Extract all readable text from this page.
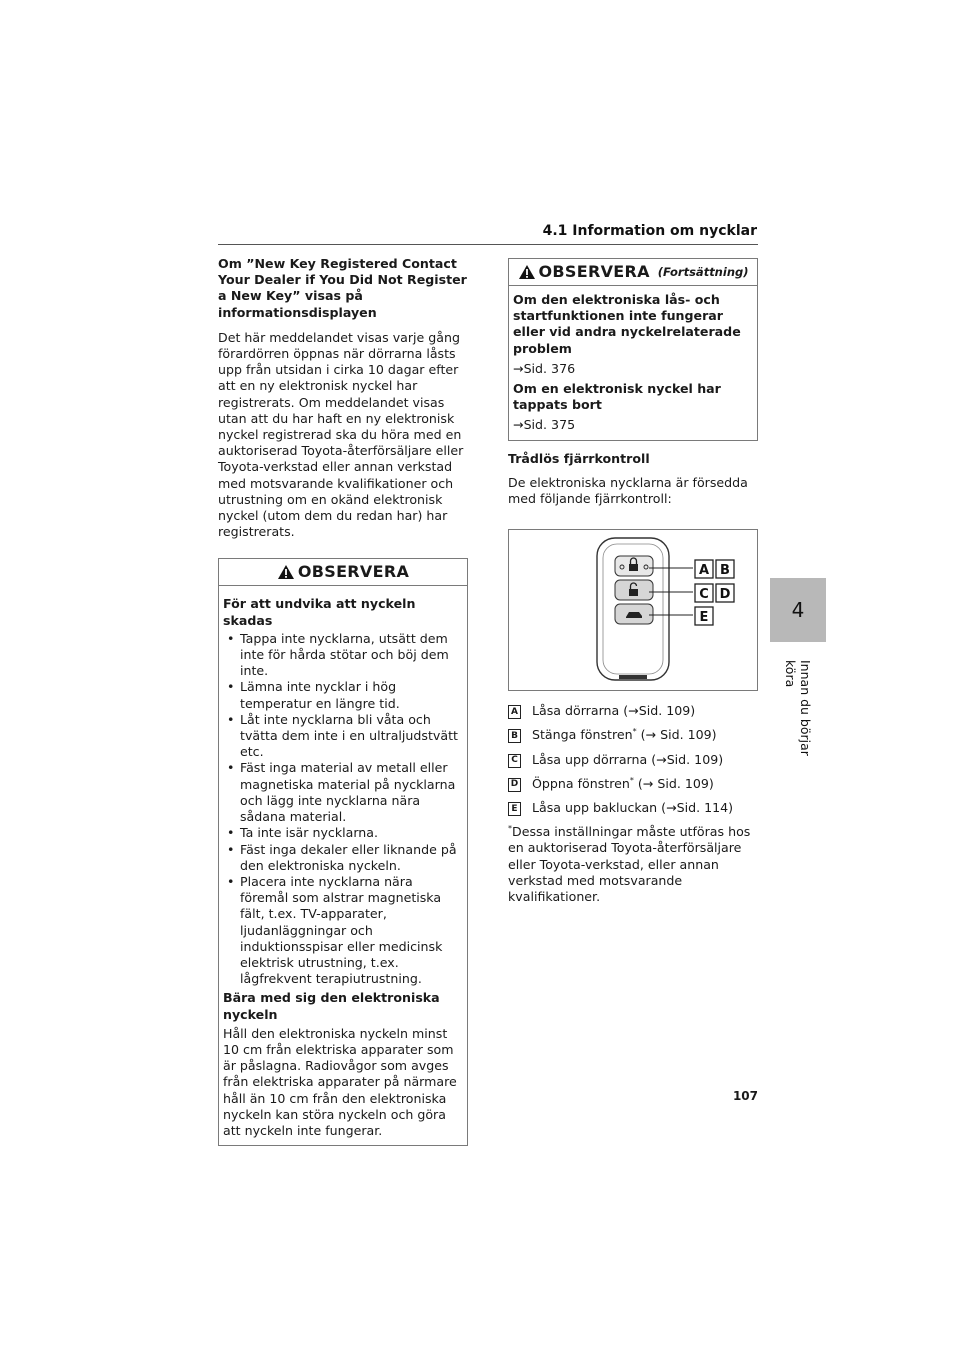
4.1 Information om nycklar

Om ”New Key Registered Contact Your Dealer if You Did Not Register a New Key” visas på informationsdisplayen

Det här meddelandet visas varje gång förardörren öppnas när dörrarna låsts upp från utsidan i cirka 10 dagar efter att en ny elektronisk nyckel har registrerats. Om meddelandet visas utan att du har haft en ny elektronisk nyckel registrerad ska du höra med en auktoriserad Toyota-återförsäljare eller Toyota-verkstad eller annan verkstad med motsvarande kvalifikationer och utrustning om en okänd elektronisk nyckel (utom dem du redan har) har registrerats.

OBSERVERA

För att undvika att nyckeln skadas

• Tappa inte nycklarna, utsätt dem inte för hårda stötar och böj dem inte.
• Lämna inte nycklar i hög temperatur en längre tid.
• Låt inte nycklarna bli våta och tvätta dem inte i en ultraljudstvätt etc.
• Fäst inga material av metall eller magnetiska material på nycklarna och lägg inte nycklarna nära sådana material.
• Ta inte isär nycklarna.
• Fäst inga dekaler eller liknande på den elektroniska nyckeln.
• Placera inte nycklarna nära föremål som alstrar magnetiska fält, t.ex. TV-apparater, ljudanläggningar och induktionsspisar eller medicinsk elektrisk utrustning, t.ex. lågfrekvent terapiutrustning.

Bära med sig den elektroniska nyckeln

Håll den elektroniska nyckeln minst 10 cm från elektriska apparater som är påslagna. Radiovågor som avges från elektriska apparater på närmare håll än 10 cm från den elektroniska nyckeln kan störa nyckeln och göra att nyckeln inte fungerar.

OBSERVERA (Fortsättning)

Om den elektroniska lås- och startfunktionen inte fungerar eller vid andra nyckelrelaterade problem

→Sid. 376

Om en elektronisk nyckel har tappats bort

→Sid. 375

Trådlös fjärrkontroll

De elektroniska nycklarna är försedda med följande fjärrkontroll:

A B
C D
E
A Låsa dörrarna (→Sid. 109)
B Stänga fönstren* (→ Sid. 109)
C Låsa upp dörrarna (→Sid. 109)
D Öppna fönstren* (→ Sid. 109)
E Låsa upp bakluckan (→Sid. 114)

*Dessa inställningar måste utföras hos en auktoriserad Toyota-återförsäljare eller Toyota-verkstad, eller annan verkstad med motsvarande kvalifikationer.

4
Innan du börjar köra
107
